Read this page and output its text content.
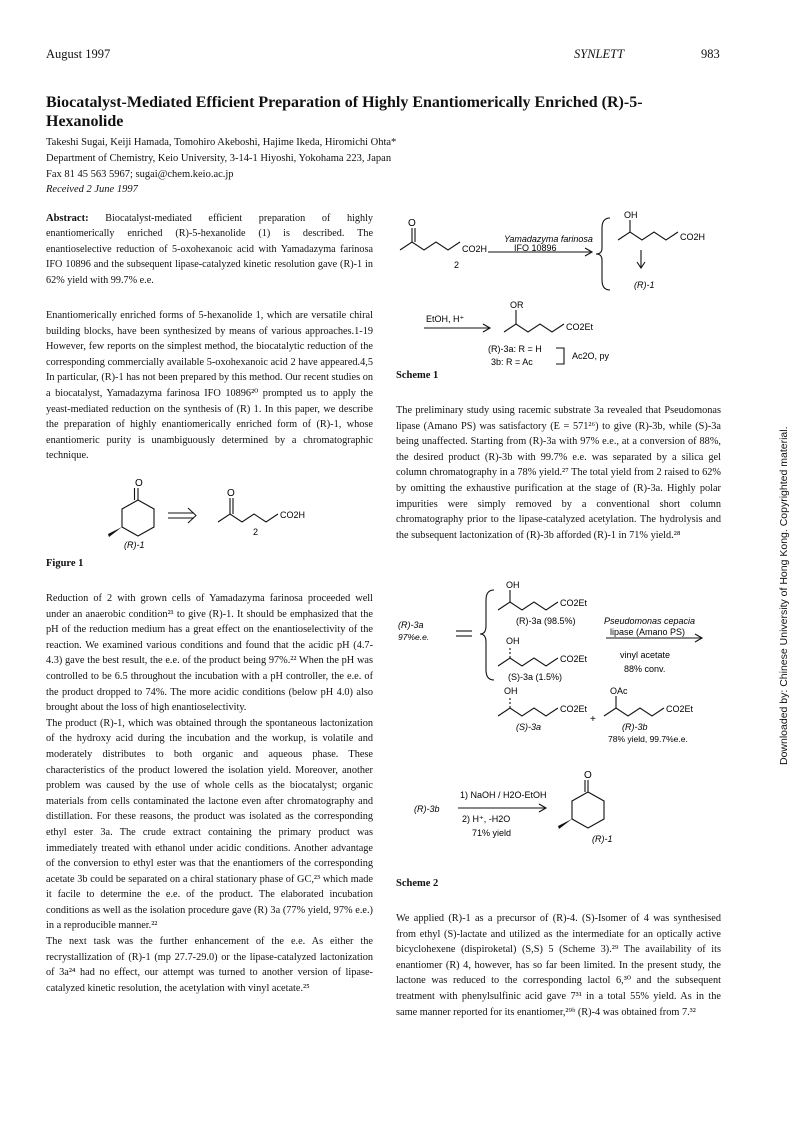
August 1997	SYNLETT	983
Biocatalyst-Mediated Efficient Preparation of Highly Enantiomerically Enriched (R)-5-Hexanolide
Takeshi Sugai, Keiji Hamada, Tomohiro Akeboshi, Hajime Ikeda, Hiromichi Ohta*
Department of Chemistry, Keio University, 3-14-1 Hiyoshi, Yokohama 223, Japan
Fax 81 45 563 5967; sugai@chem.keio.ac.jp
Received 2 June 1997
Abstract: Biocatalyst-mediated efficient preparation of highly enantiomerically enriched (R)-5-hexanolide (1) is described. The enantioselective reduction of 5-oxohexanoic acid with Yamadazyma farinosa IFO 10896 and the subsequent lipase-catalyzed kinetic resolution gave (R)-1 in 62% yield with 99.7% e.e.

Enantiomerically enriched forms of 5-hexanolide 1, which are versatile chiral building blocks, have been synthesized by means of various approaches.1-19 However, few reports on the simplest method, the biocatalytic reduction of the corresponding commercially available 5-oxohexanoic acid 2 have appeared.4,5 In particular, (R)-1 has not been prepared by this method. Our recent studies on a biocatalyst, Yamadazyma farinosa IFO 10896²⁰ prompted us to apply the yeast-mediated reduction on the synthesis of (R) 1. In this paper, we describe the preparation of highly enantiomerically enriched form of (R)-1, whose enantiomeric purity is unambiguously determined by a chromatographic technique.

O
(R)-1
O
CO2H
2
Figure 1

Reduction of 2 with grown cells of Yamadazyma farinosa proceeded well under an anaerobic condition²¹ to give (R)-1. It should be emphasized that the pH of the reduction medium has a great effect on the enantioselectivity of the reaction. We examined various conditions and found that the acidic pH (4.7-4.3) gave the best result, the e.e. of the product being 97%.²² When the pH was controlled to be 6.5 throughout the incubation with a pH controller, the e.e. of the product dropped to 74%. The more acidic conditions (below pH 4.0) also brought about the loss of high enantioselectivity.

The product (R)-1, which was obtained through the spontaneous lactonization of the hydroxy acid during the incubation and the workup, is volatile and moderately distributes to both organic and aqueous phase. These characteristics of the product lowered the isolation yield. Moreover, another problem was caused by the use of whole cells as the biocatalyst; organic materials from cells contaminated the lactone even after chromatography and distillation. For these reasons, the product was isolated as the corresponding ethyl ester 3a. The crude extract containing the primary product was immediately treated with ethanol under acidic conditions. Another advantage of the conversion to ethyl ester was that the enantiomers of the corresponding acetate 3b could be separated on a chiral stationary phase of GC,²³ which made it facile to determine the e.e. of the product. The elaborated incubation conditions as well as the isolation procedure gave (R) 3a (77% yield, 97% e.e.) in a reproducible manner.²²

The next task was the further enhancement of the e.e. As either the recrystallization of (R)-1 (mp 27.7-29.0) or the lipase-catalyzed lactonization of 3a²⁴ had no effect, our attempt was turned to another version of lipase-catalyzed kinetic resolution, the acetylation with vinyl acetate.²⁵

O
CO2H
2
Yamadazyma farinosa
IFO 10896
OH
CO2H
(R)-1
EtOH, H⁺
OR
CO2Et
(R)-3a: R = H
3b: R = Ac
Ac2O, py
Scheme 1

The preliminary study using racemic substrate 3a revealed that Pseudomonas lipase (Amano PS) was satisfactory (E = 571²⁶) to give (R)-3b, while (S)-3a being unaffected. Starting from (R)-3a with 97% e.e., at a conversion of 88%, the desired product (R)-3b with 99.7% e.e. was separated by a silica gel column chromatography in a 78% yield.²⁷ The total yield from 2 raised to 62% by omitting the exhaustive purification at the stage of (R)-3a. Highly polar impurities were simply removed by a conventional short column chromatography prior to the lipase-catalyzed acetylation. The hydrolysis and the subsequent lactonization of (R)-3b afforded (R)-1 in 71% yield.²⁸

(R)-3a
97%e.e.
OH
CO2Et
(R)-3a (98.5%)
OH
CO2Et
(S)-3a (1.5%)
Pseudomonas cepacia
lipase (Amano PS)
vinyl acetate
88% conv.
OH
CO2Et
(S)-3a
+
OAc
CO2Et
(R)-3b
78% yield, 99.7%e.e.
1) NaOH / H2O-EtOH
(R)-3b
2) H⁺, -H2O
71% yield
O
(R)-1
Scheme 2

We applied (R)-1 as a precursor of (R)-4. (S)-Isomer of 4 was synthesised from ethyl (S)-lactate and utilized as the intermediate for an optically active bicyclohexene (dispiroketal) (S,S) 5 (Scheme 3).²⁹ The availability of its enantiomer (R) 4, however, has so far been limited. In the present study, the lactone was reduced to the corresponding lactol 6,³⁰ and the subsequent treatment with phenylsulfinic acid gave 7³¹ in a total 55% yield. As in the same manner reported for its enantiomer,²⁹ᵇ (R)-4 was obtained from 7.³²

Downloaded by: Chinese University of Hong Kong. Copyrighted material.
